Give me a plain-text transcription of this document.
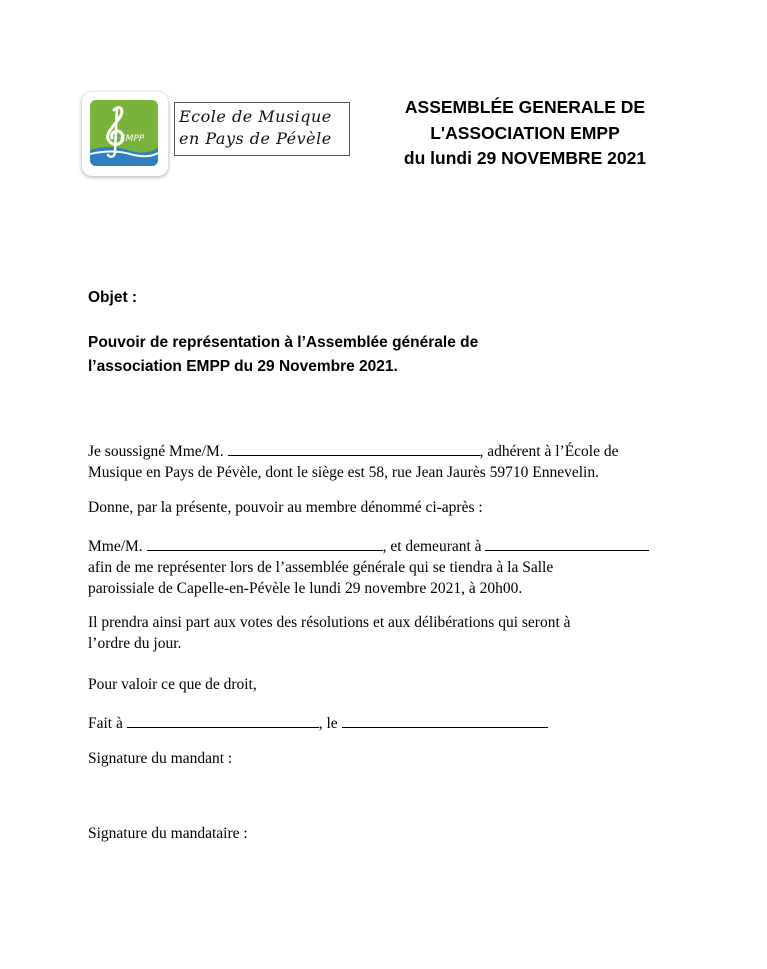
EMPP
Ecole de Musique
en Pays de Pévèle
ASSEMBLÉE GENERALE DE
L'ASSOCIATION EMPP
du lundi 29 NOVEMBRE 2021
Objet :
Pouvoir de représentation à l’Assemblée générale de
l’association EMPP du 29 Novembre 2021.
Je soussigné Mme/M.	, adhérent à l’École de
Musique en Pays de Pévèle, dont le siège est 58, rue Jean Jaurès 59710 Ennevelin.
Donne, par la présente, pouvoir au membre dénommé ci-après :
Mme/M.	, et demeurant à
afin de me représenter lors de l’assemblée générale qui se tiendra à la Salle
paroissiale de Capelle-en-Pévèle le lundi 29 novembre 2021, à 20h00.
Il prendra ainsi part aux votes des résolutions et aux délibérations qui seront à
l’ordre du jour.
Pour valoir ce que de droit,
Fait à	, le
Signature du mandant :
Signature du mandataire :
